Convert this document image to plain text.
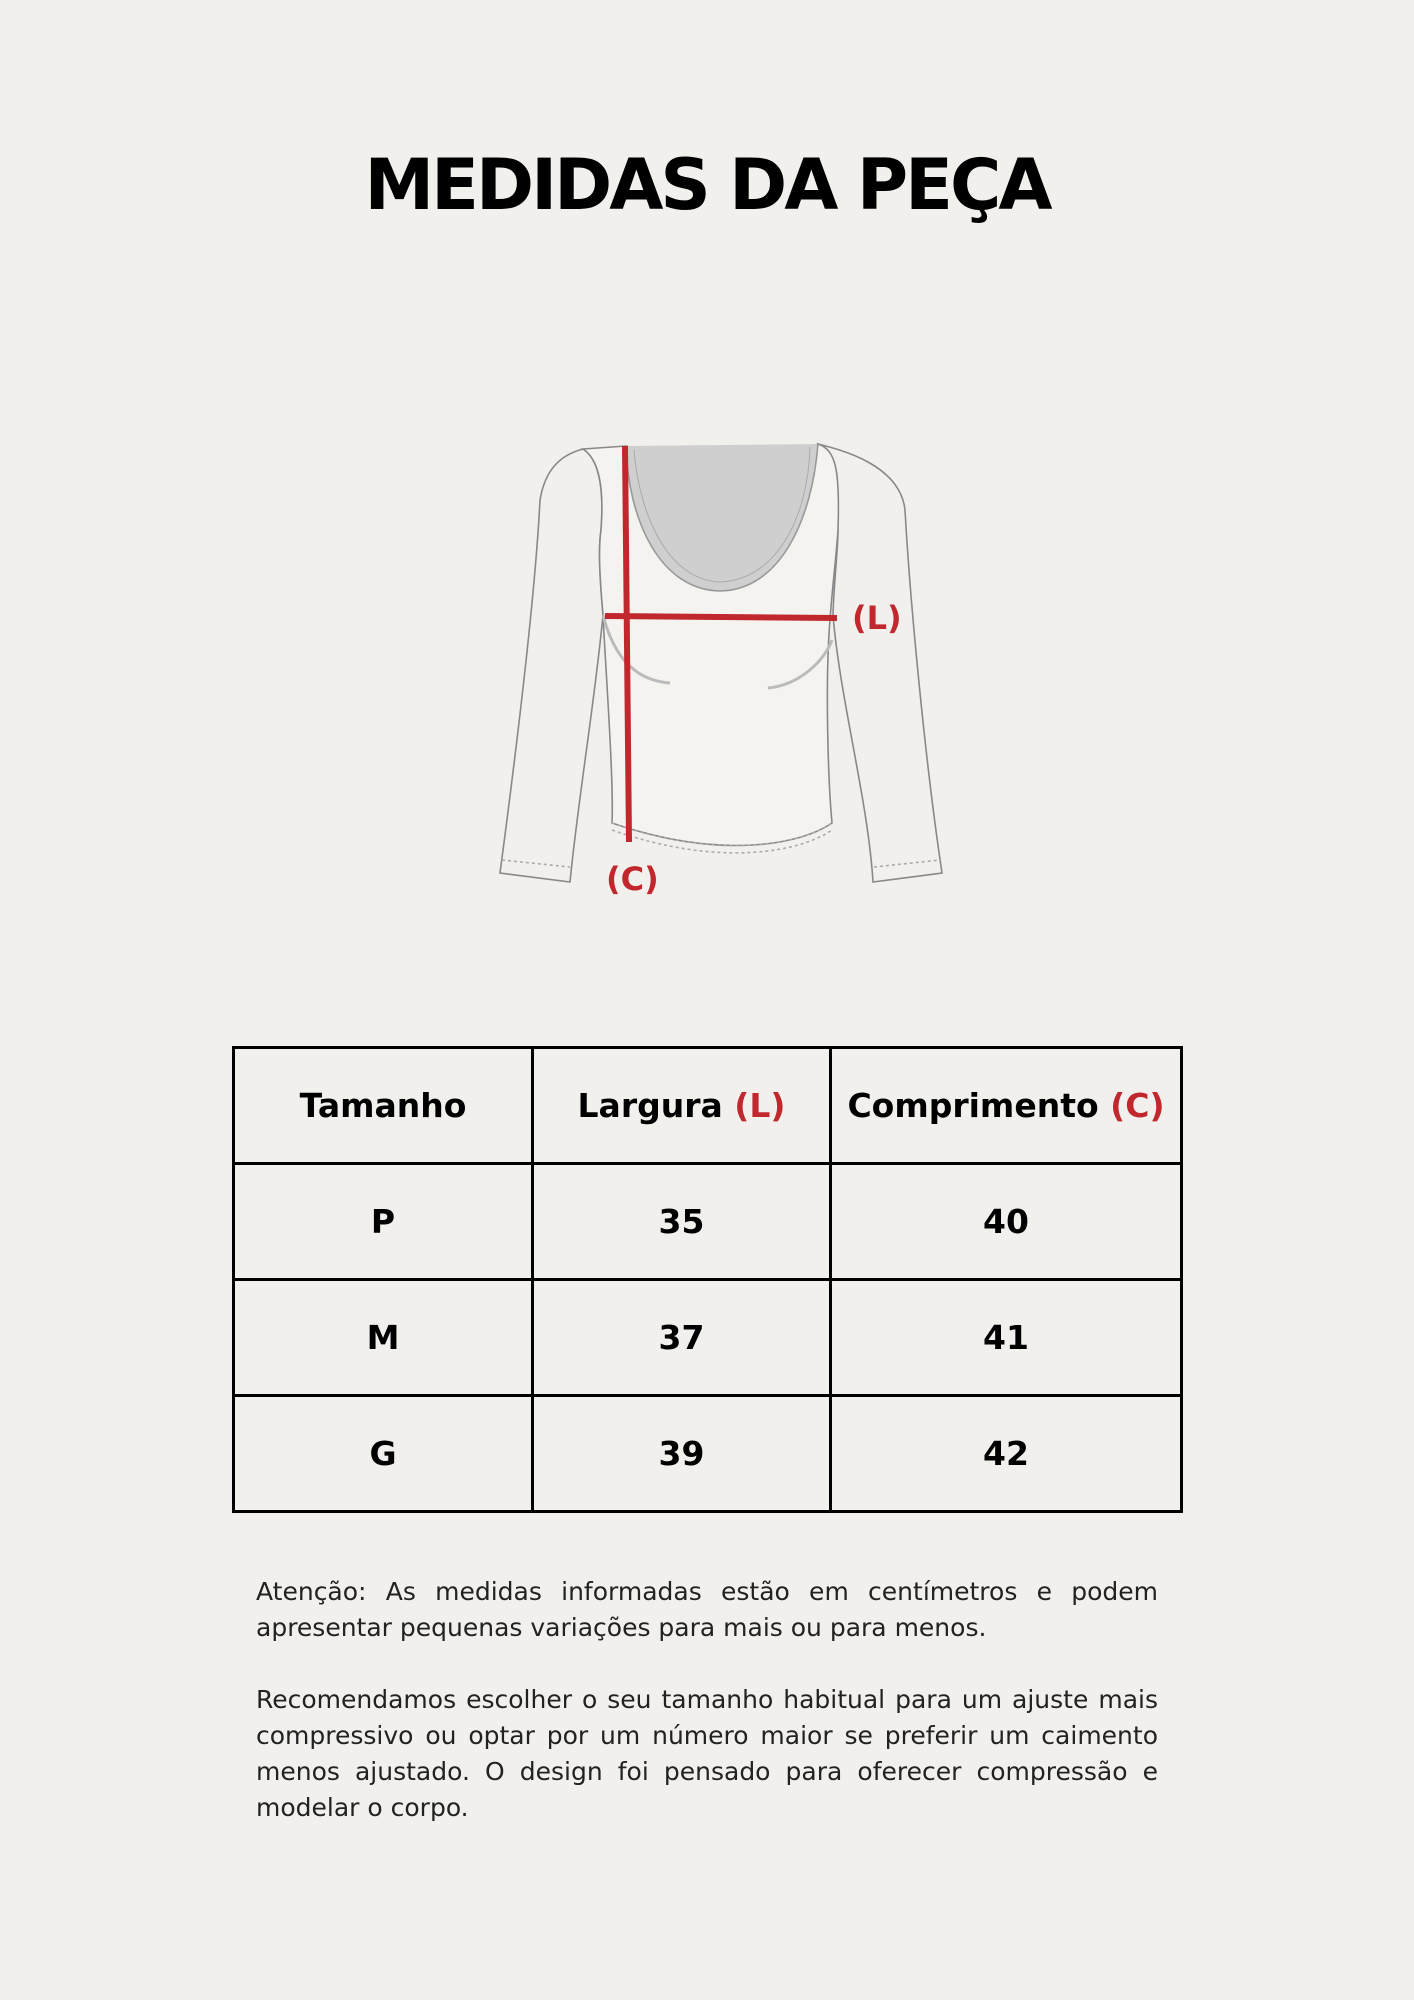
MEDIDAS DA PEÇA
(L)
(C)
Tamanho	Largura (L)	Comprimento (C)
P	35	40
M	37	41
G	39	42

Atenção: As medidas informadas estão em centímetros e podem apresentar pequenas variações para mais ou para menos.

Recomendamos escolher o seu tamanho habitual para um ajuste mais compressivo ou optar por um número maior se preferir um caimento menos ajustado. O design foi pensado para oferecer compressão e modelar o corpo.
